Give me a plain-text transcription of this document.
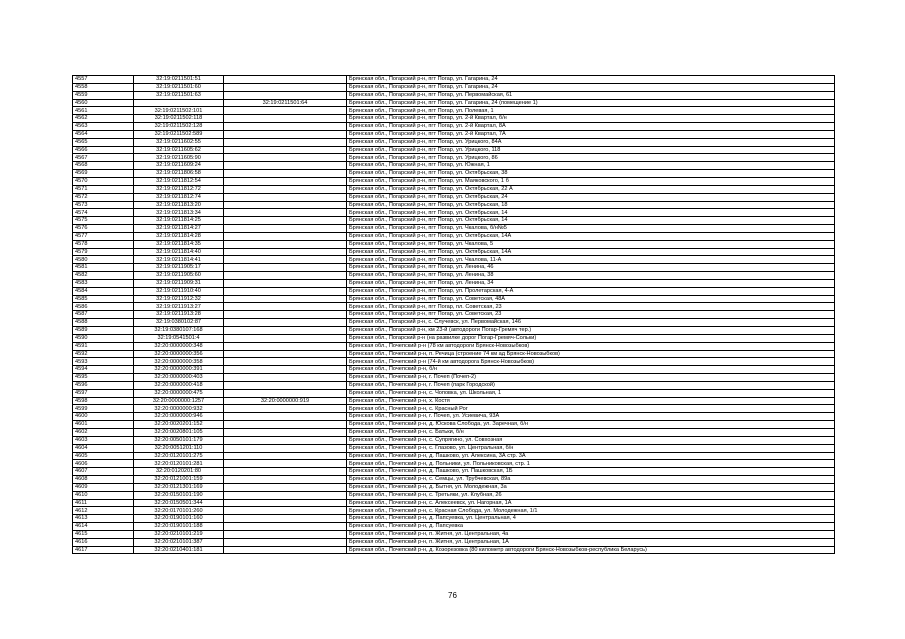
4557	32:19:0211501:51		Брянская обл., Погарский р-н, пгт Погар, ул. Гагарина, 24
4558	32:19:0211501:60		Брянская обл., Погарский р-н, пгт Погар, ул. Гагарина, 24
4559	32:19:0211501:63		Брянская обл., Погарский р-н, пгт Погар, ул. Первомайская, 61
4560		32:19:0211501:64	Брянская обл., Погарский р-н, пгт Погар, ул. Гагарина, 24 (помещение 1)
4561	32:19:0211502:101		Брянская обл., Погарский р-н, пгт Погар, ул. Полевая, 1
4562	32:19:0211502:118		Брянская обл., Погарский р-н, пгт Погар, ул. 2-й Квартал, б/н
4563	32:19:0211502:128		Брянская обл., Погарский р-н, пгт Погар, ул. 2-й Квартал, 8А
4564	32:19:0211502:589		Брянская обл., Погарский р-н, пгт Погар, ул. 2-й Квартал, 7А
4565	32:19:0211602:55		Брянская обл., Погарский р-н, пгт Погар, ул. Урицкого, 84А
4566	32:19:0211605:62		Брянская обл., Погарский р-н, пгт Погар, ул. Урицкого, 118
4567	32:19:0211605:90		Брянская обл., Погарский р-н, пгт Погар, ул. Урицкого, 86
4568	32:19:0211609:24		Брянская обл., Погарский р-н, пгт Погар, ул. Южная, 1
4569	32:19:0211806:58		Брянская обл., Погарский р-н, пгт Погар, ул. Октябрьская, 38
4570	32:19:0211812:54		Брянская обл., Погарский р-н, пгт Погар, ул. Маяковского, 1 б
4571	32:19:0211812:72		Брянская обл., Погарский р-н, пгт Погар, ул. Октябрьская, 22 А
4572	32:19:0211812:74		Брянская обл., Погарский р-н, пгт Погар, ул. Октябрьская, 24
4573	32:19:0211813:20		Брянская обл., Погарский р-н, пгт Погар, ул. Октябрьская, 18
4574	32:19:0211813:34		Брянская обл., Погарский р-н, пгт Погар, ул. Октябрьская, 14
4575	32:19:0211814:25		Брянская обл., Погарский р-н, пгт Погар, ул. Октябрьская, 14
4576	32:19:0211814:27		Брянская обл., Погарский р-н, пгт Погар, ул. Чкалова, б/н№5
4577	32:19:0211814:28		Брянская обл., Погарский р-н, пгт Погар, ул. Октябрьская, 14А
4578	32:19:0211814:35		Брянская обл., Погарский р-н, пгт Погар, ул. Чкалова, 5
4579	32:19:0211814:40		Брянская обл., Погарский р-н, пгт Погар, ул. Октябрьская, 14А
4580	32:19:0211814:41		Брянская обл., Погарский р-н, пгт Погар, ул. Чкалова, 11-А
4581	32:19:0211905:17		Брянская обл., Погарский р-н, пгт Погар, ул. Ленина, 46
4582	32:19:0211905:60		Брянская обл., Погарский р-н, пгт Погар, ул. Ленина, 38
4583	32:19:0211909:31		Брянская обл., Погарский р-н, пгт Погар, ул. Ленина, 34
4584	32:19:0211910:40		Брянская обл., Погарский р-н, пгт Погар, ул. Пролетарская, 4-А
4585	32:19:0211912:32		Брянская обл., Погарский р-н, пгт Погар, ул. Советская, 48А
4586	32:19:0211913:27		Брянская обл., Погарский р-н, пгт Погар, пл. Советская, 23
4587	32:19:0211913:28		Брянская обл., Погарский р-н, пгт Погар, ул. Советская, 23
4588	32:19:0380102:87		Брянская обл., Погарский р-н, с. Случевск, ул. Первомайская, 146
4589	32:19:0380107:168		Брянская обл., Погарский р-н, км 23-й (автодороги Погар-Гремяч тер.)
4590	32:19:0541501:4		Брянская обл., Погарский р-н (на развилке дорог Погар-Гремяч-Сольки)
4591	32:20:0000000:348		Брянская обл., Почепский р-н (78 км автодороги Брянск-Новозыбков)
4592	32:20:0000000:356		Брянская обл., Почепский р-н, п. Речица (строение 74 км ад Брянск-Новозыбков)
4593	32:20:0000000:358		Брянская обл., Почепский р-н (74-й км автодорога Брянск-Новозыбков)
4594	32:20:0000000:391		Брянская обл., Почепский р-н, б/н
4595	32:20:0000000:403		Брянская обл., Почепский р-н, г. Почеп (Почеп-2)
4596	32:20:0000000:418		Брянская обл., Почепский р-н, г. Почеп (парк Городской)
4597	32:20:0000000:475		Брянская обл., Почепский р-н, с. Чоповка, ул. Школьная, 1
4598	32:20:0000000:1257	32:20:0000000:919	Брянская обл., Почепский р-н, х. Костя
4599	32:20:0000000:932		Брянская обл., Почепский р-н, с. Красный Рог
4600	32:20:0000000:946		Брянская обл., Почепский р-н, г. Почеп, ул. Усиевича, 93А
4601	32:20:0020201:152		Брянская обл., Почепский р-н, д. Юскова Слобода, ул. Заречная, б/н
4602	32:20:0020801:105		Брянская обл., Почепский р-н, с. Батьки, б/н
4603	32:20:0050101:179		Брянская обл., Почепский р-н, с. Супрягино, ул. Совхозная
4604	32:20:0051201:110		Брянская обл., Почепский р-н, с. Глазово, ул. Центральная, б/н
4605	32:20:0120101:275		Брянская обл., Почепский р-н, д. Пашково, ул. Алексина, 3А стр. 3А
4606	32:20:0120101:281		Брянская обл., Почепский р-н, д. Польники, ул. Польниковская, стр. 1
4607	32:20:0120201:80		Брянская обл., Почепский р-н, д. Пашково, ул. Пашковская, 1Б
4608	32:20:0121001:159		Брянская обл., Почепский р-н, с. Семцы, ул. Трубчевская, 89а
4609	32:20:0121301:169		Брянская обл., Почепский р-н, д. Бытня, ул. Молодежная, 3а
4610	32:20:0150101:190		Брянская обл., Почепский р-н, с. Третьяки, ул. Клубная, 26
4611	32:20:0150501:344		Брянская обл., Почепский р-н, с. Алексеевск, ул. Нагорная, 1А
4612	32:20:0170101:260		Брянская обл., Почепский р-н, с. Красная Слобода, ул. Молодежная, 1/1
4613	32:20:0190101:160		Брянская обл., Почепский р-н, д. Папсуевка, ул. Центральная, 4
4614	32:20:0190101:188		Брянская обл., Почепский р-н, д. Папсуевка
4615	32:20:0210101:219		Брянская обл., Почепский р-н, п. Житня, ул. Центральная, 4а
4616	32:20:0210101:387		Брянская обл., Почепский р-н, п. Житня, ул. Центральная, 1А
4617	32:20:0210401:181		Брянская обл., Почепский р-н, д. Козорезовка (80 километр автодороги Брянск-Новозыбков-республика Беларусь)
76
